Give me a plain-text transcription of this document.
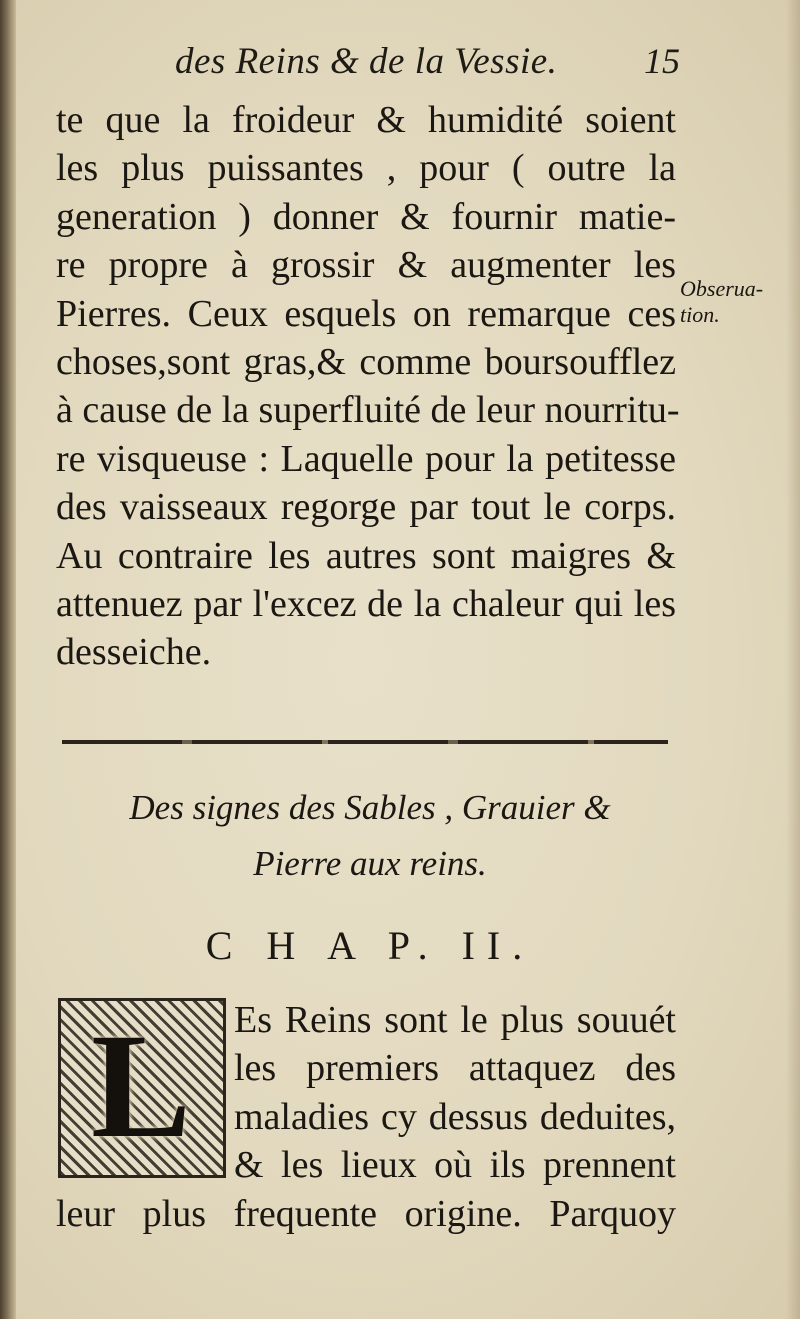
des Reins & de la Vessie. 15
te que la froideur & humidité soient
les plus puissantes , pour ( outre la
generation ) donner & fournir matie-
re propre à grossir & augmenter les
Pierres. Ceux esquels on remarque ces
choses,sont gras,& comme boursoufflez
à cause de la superfluité de leur nourritu-
re visqueuse : Laquelle pour la petitesse
des vaisseaux regorge par tout le corps.
Au contraire les autres sont maigres &
attenuez par l'excez de la chaleur qui les
desseiche.
Obserua-
tion.
Des signes des Sables , Grauier &
Pierre aux reins.
C H A P. II.
L	Es Reins sont le plus souuét
les premiers attaquez des
maladies cy dessus deduites,
& les lieux où ils prennent
leur plus frequente origine. Parquoy
